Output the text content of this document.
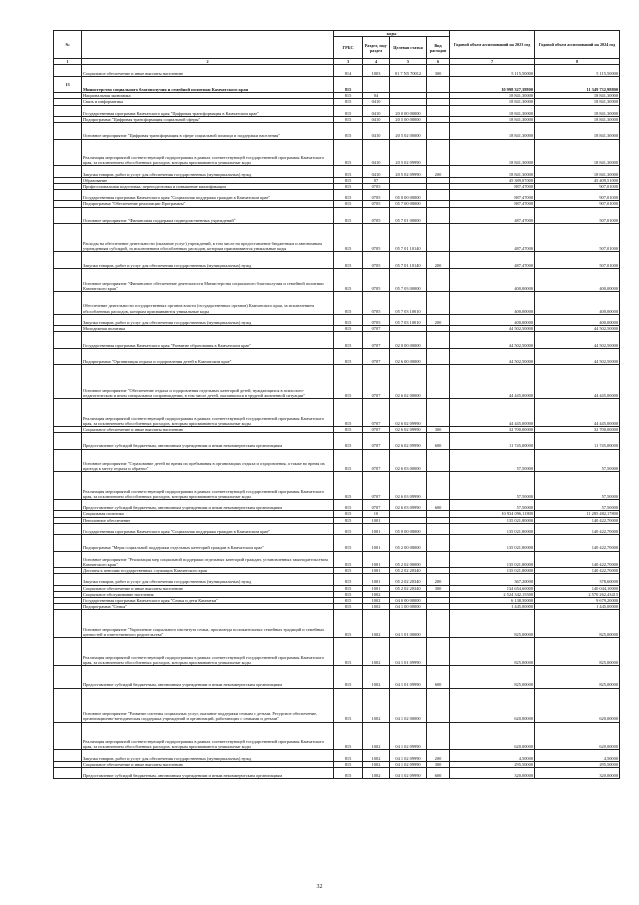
№		коды				Годовой объем ассигнований на 2023 год	Годовой объем ассигнований на 2024 год
		ГРБС	Раздел, под-раздел	Целевая статья	Вид расходов		
1	2	3	4	5	6	7	8
	Социальное обеспечение и иные выплаты населению	814	1003	01 7 N5 70012	300	5 115,50000	5 115,50000
13	Министерство социального благополучия и семейной политики Камчатского края	815				10 998 327,38800	11 349 732,98800
	Национальная экономика	815	04			18 841,30000	18 841,30000
	Связь и информатика	815	0410			18 841,30000	18 841,30000
	Государственная программа Камчатского края "Цифровая трансформация в Камчатском крае"	815	0410	20 0 00 00000		18 841,30000	18 841,30000
	Подпрограмма "Цифровая трансформация социальной сферы"	815	0410	20 5 00 00000		18 841,30000	18 841,30000
	Основное мероприятие "Цифровая трансформация в сфере социальной помощи и поддержки населения"	815	0410	20 5 02 00000		18 841,30000	18 841,30000
	Реализация мероприятий соответствующей подпрограммы в рамках соответствующей государственной программы Камчатского края, за исключением обособленных расходов, которым присваиваются уникальные коды	815	0410	20 5 02 09990		18 841,30000	18 841,30000
	Закупка товаров, работ и услуг для обеспечения государственных (муниципальных) нужд	815	0410	20 5 02 09990	200	18 841,30000	18 841,30000
	Образование	815	07			45 389,07000	45 409,51000
	Профессиональная подготовка, переподготовка и повышение квалификации	815	0705			887,47000	907,01000
	Государственная программа Камчатского края "Социальная поддержка граждан в Камчатском крае"	815	0705	05 0 00 00000		887,47000	907,01000
	Подпрограмма "Обеспечение реализации Программы"	815	0705	05 7 00 00000		887,47000	907,01000
	Основное мероприятие "Финансовая поддержка подведомственных учреждений"	815	0705	05 7 01 00000		487,47000	507,01000
	Расходы на обеспечение деятельности (оказание услуг) учреждений, в том числе на предоставление бюджетным и автономным учреждениям субсидий, за исключением обособленных расходов, которым присваиваются уникальные коды	815	0705	05 7 01 10140		487,47000	507,01000
	Закупка товаров, работ и услуг для обеспечения государственных (муниципальных) нужд	815	0705	05 7 01 10140	200	487,47000	507,01000
	Основное мероприятие "Финансовое обеспечение деятельности Министерства социального благополучия и семейной политики Камчатского края"	815	0705	05 7 03 00000		400,00000	400,00000
	Обеспечение деятельности государственных органов власти (государственных органов) Камчатского края, за исключением обособленных расходов, которым присваиваются уникальные коды	815	0705	05 7 03 10010		400,00000	400,00000
	Закупка товаров, работ и услуг для обеспечения государственных (муниципальных) нужд	815	0705	05 7 03 10010	200	400,00000	400,00000
	Молодежная политика	815	0707			44 502,50000	44 502,50000
	Государственная программа Камчатского края "Развитие образования в Камчатском крае"	815	0707	02 0 00 00000		44 502,50000	44 502,50000
	Подпрограмма "Организация отдыха и оздоровления детей в Камчатском крае"	815	0707	02 6 00 00000		44 502,50000	44 502,50000
	Основное мероприятие "Обеспечение отдыха и оздоровления отдельных категорий детей, нуждающихся в психолого-педагогическом и ином специальном сопровождении, в том числе детей, оказавшихся в трудной жизненной ситуации"	815	0707	02 6 02 00000		44 445,00000	44 445,00000
	Реализация мероприятий соответствующей подпрограммы в рамках соответствующей государственной программы Камчатского края, за исключением обособленных расходов, которым присваиваются уникальные коды	815	0707	02 6 02 09990		44 445,00000	44 445,00000
	Социальное обеспечение и иные выплаты населению	815	0707	02 6 02 09990	300	32 700,00000	32 700,00000
	Предоставление субсидий бюджетным, автономным учреждениям и иным некоммерческим организациям	815	0707	02 6 02 09990	600	11 745,00000	11 745,00000
	Основное мероприятие "Страхование детей во время их пребывания в организациях отдыха и оздоровления, а также во время их проезда к месту отдыха и обратно"	815	0707	02 6 03 00000		57,50000	57,50000
	Реализация мероприятий соответствующей подпрограммы в рамках соответствующей государственной программы Камчатского края, за исключением обособленных расходов, которым присваиваются уникальные коды	815	0707	02 6 03 09990		57,50000	57,50000
	Предоставление субсидий бюджетным, автономным учреждениям и иным некоммерческим организациям	815	0707	02 6 03 09990	600	57,50000	57,50000
	Социальная политика	815	10			10 934 096,11800	11 285 482,17800
	Пенсионное обеспечение	815	1001			135 021,80000	140 422,70000
	Государственная программа Камчатского края "Социальная поддержка граждан в Камчатском крае"	815	1001	05 0 00 00000		135 021,80000	140 422,70000
	Подпрограмма "Меры социальной поддержки отдельных категорий граждан в Камчатском крае"	815	1001	05 2 00 00000		135 021,80000	140 422,70000
	Основное мероприятие "Реализация мер социальной поддержки отдельных категорий граждан, установленных законодательством Камчатского края"	815	1001	05 2 02 00000		135 021,80000	140 422,70000
	Доплаты к пенсиям государственных служащих Камчатского края	815	1001	05 2 02 20340		135 021,80000	140 422,70000
	Закупка товаров, работ и услуг для обеспечения государственных (муниципальных) нужд	815	1001	05 2 02 20340	200	367,20000	378,60000
	Социальное обеспечение и иные выплаты населению	815	1001	05 2 02 20340	300	134 654,60000	140 044,10000
	Социальное обслуживание населения	815	1002			2 524 342,15500	2 570 262,43415
	Государственная программа Камчатского края "Семья и дети Камчатки"	815	1002	04 0 00 00000		6 138,50000	9 679,20000
	Подпрограмма "Семья"	815	1002	04 1 00 00000		1 445,00000	1 445,00000
	Основное мероприятие "Укрепление социального института семьи, пропаганда положительных семейных традиций и семейных ценностей и ответственного родительства"	815	1002	04 1 01 00000		825,00000	825,00000
	Реализация мероприятий соответствующей подпрограммы в рамках соответствующей государственной программы Камчатского края, за исключением обособленных расходов, которым присваиваются уникальные коды	815	1002	04 1 01 09990		825,00000	825,00000
	Предоставление субсидий бюджетным, автономным учреждениям и иным некоммерческим организациям	815	1002	04 1 01 09990	600	825,00000	825,00000
	Основное мероприятие "Развитие системы социальных услуг, оказание поддержки семьям с детьми. Ресурсное обеспечение, организационно-методическая поддержка учреждений и организаций, работающих с семьями и детьми"	815	1002	04 1 02 00000		620,00000	620,00000
	Реализация мероприятий соответствующей подпрограммы в рамках соответствующей государственной программы Камчатского края, за исключением обособленных расходов, которым присваиваются уникальные коды	815	1002	04 1 02 09990		620,00000	620,00000
	Закупка товаров, работ и услуг для обеспечения государственных (муниципальных) нужд	815	1002	04 1 02 09990	200	4,50000	4,50000
	Социальное обеспечение и иные выплаты населению	815	1002	04 1 02 09990	300	295,50000	295,50000
	Предоставление субсидий бюджетным, автономным учреждениям и иным некоммерческим организациям	815	1002	04 1 02 09990	600	320,00000	320,00000
32
